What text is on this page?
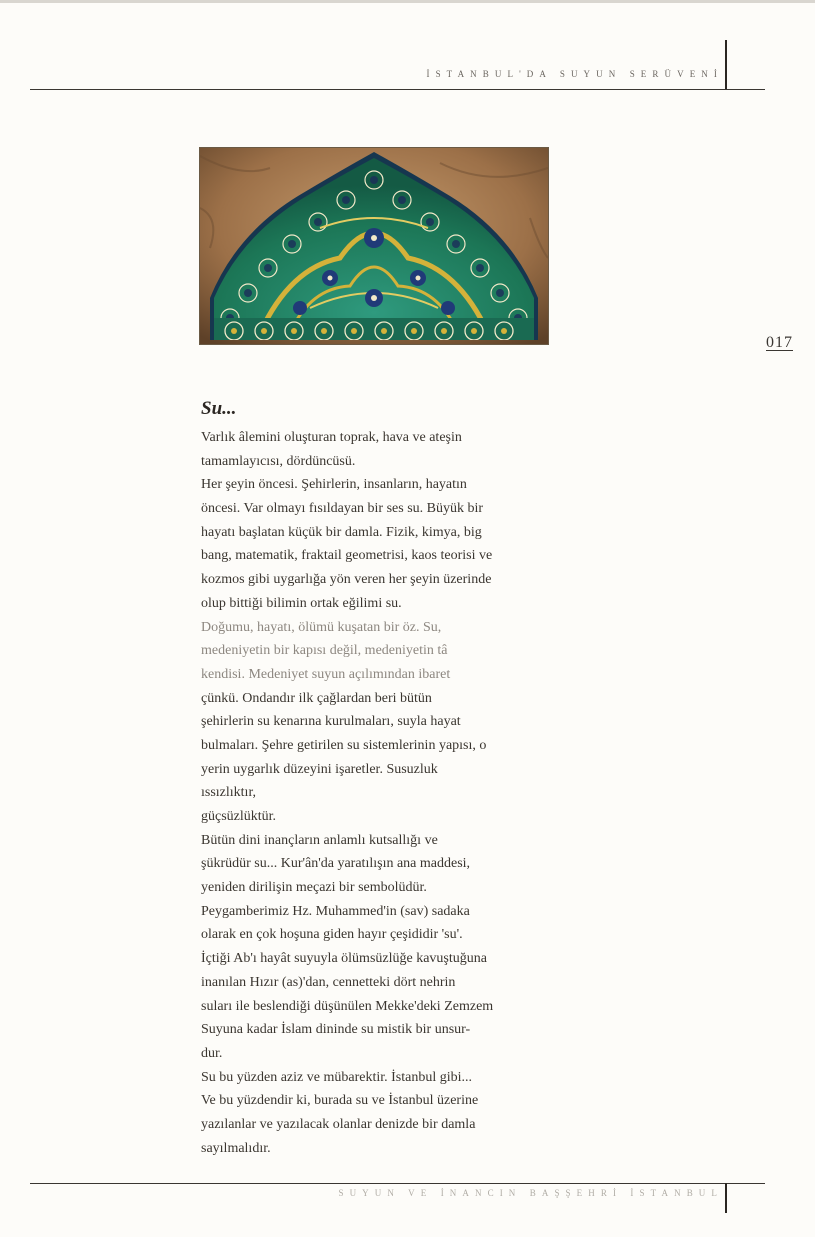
İSTANBUL'DA SUYUN SERÜVENİ
017
Su...
Varlık âlemini oluşturan toprak, hava ve ateşin
tamamlayıcısı, dördüncüsü.
Her şeyin öncesi. Şehirlerin, insanların, hayatın
öncesi. Var olmayı fısıldayan bir ses su. Büyük bir
hayatı başlatan küçük bir damla. Fizik, kimya, big
bang, matematik, fraktail geometrisi, kaos teorisi ve
kozmos gibi uygarlığa yön veren her şeyin üzerinde
olup bittiği bilimin ortak eğilimi su.
Doğumu, hayatı, ölümü kuşatan bir öz. Su,
medeniyetin bir kapısı değil, medeniyetin tâ
kendisi. Medeniyet suyun açılımından ibaret
çünkü. Ondandır ilk çağlardan beri bütün
şehirlerin su kenarına kurulmaları, suyla hayat
bulmaları. Şehre getirilen su sistemlerinin yapısı, o
yerin uygarlık düzeyini işaretler. Susuzluk
ıssızlıktır,
güçsüzlüktür.
Bütün dini inançların anlamlı kutsallığı ve
şükrüdür su... Kur'ân'da yaratılışın ana maddesi,
yeniden dirilişin meçazi bir sembolüdür.
Peygamberimiz Hz. Muhammed'in (sav) sadaka
olarak en çok hoşuna giden hayır çeşididir 'su'.
İçtiği Ab'ı hayât suyuyla ölümsüzlüğe kavuştuğuna
inanılan Hızır (as)'dan, cennetteki dört nehrin
suları ile beslendiği düşünülen Mekke'deki Zemzem
Suyuna kadar İslam dininde su mistik bir unsur-
dur.
Su bu yüzden aziz ve mübarektir. İstanbul gibi...
Ve bu yüzdendir ki, burada su ve İstanbul üzerine
yazılanlar ve yazılacak olanlar denizde bir damla
sayılmalıdır.
SUYUN VE İNANCIN BAŞŞEHRİ İSTANBUL
